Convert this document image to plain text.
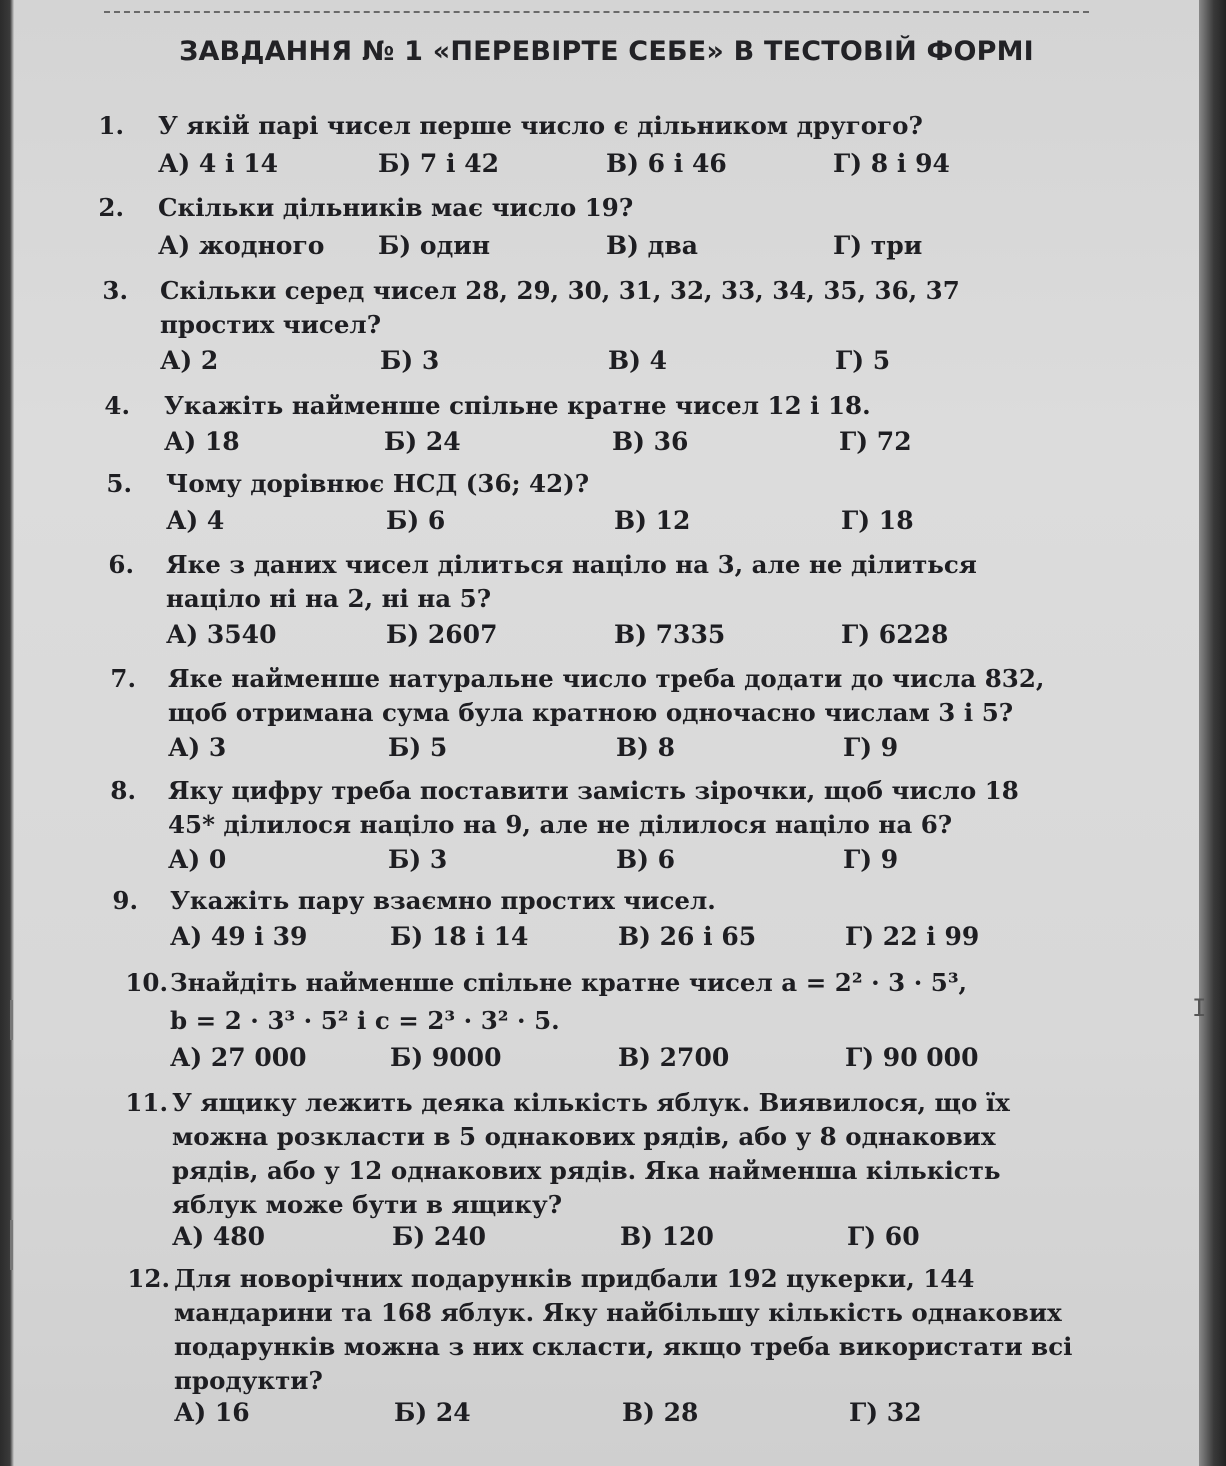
ЗАВДАННЯ № 1 «ПЕРЕВІРТЕ СЕБЕ» В ТЕСТОВІЙ ФОРМІ
1. У якій парі чисел перше число є дільником другого?
А) 4 і 14	Б) 7 і 42	В) 6 і 46	Г) 8 і 94
2. Скільки дільників має число 19?
А) жодного Б) один	В) два	Г) три
3. Скільки серед чисел 28, 29, 30, 31, 32, 33, 34, 35, 36, 37 простих чисел?
А) 2	Б) 3	В) 4	Г) 5
4. Укажіть найменше спільне кратне чисел 12 і 18.
А) 18	Б) 24	В) 36	Г) 72
5. Чому дорівнює НСД (36; 42)?
А) 4	Б) 6	В) 12	Г) 18
6. Яке з даних чисел ділиться націло на 3, але не ділиться націло ні на 2, ні на 5?
А) 3540	Б) 2607	В) 7335	Г) 6228
7. Яке найменше натуральне число треба додати до числа 832, щоб отримана сума була кратною одночасно числам 3 і 5?
А) 3	Б) 5	В) 8	Г) 9
8. Яку цифру треба поставити замість зірочки, щоб число 18 45* ділилося націло на 9, але не ділилося націло на 6?
А) 0	Б) 3	В) 6	Г) 9
9. Укажіть пару взаємно простих чисел.
А) 49 і 39	Б) 18 і 14	В) 26 і 65	Г) 22 і 99
10. Знайдіть найменше спільне кратне чисел a = 2² · 3 · 5³,
b = 2 · 3³ · 5² і c = 2³ · 3² · 5.
А) 27 000	Б) 9000	В) 2700	Г) 90 000
11. У ящику лежить деяка кількість яблук. Виявилося, що їх можна розкласти в 5 однакових рядів, або у 8 однакових рядів, або у 12 однакових рядів. Яка найменша кількість яблук може бути в ящику?
А) 480	Б) 240	В) 120	Г) 60
12. Для новорічних подарунків придбали 192 цукерки, 144 мандарини та 168 яблук. Яку найбільшу кількість однакових подарунків можна з них скласти, якщо треба використати всі продукти?
А) 16	Б) 24	В) 28	Г) 32
I
